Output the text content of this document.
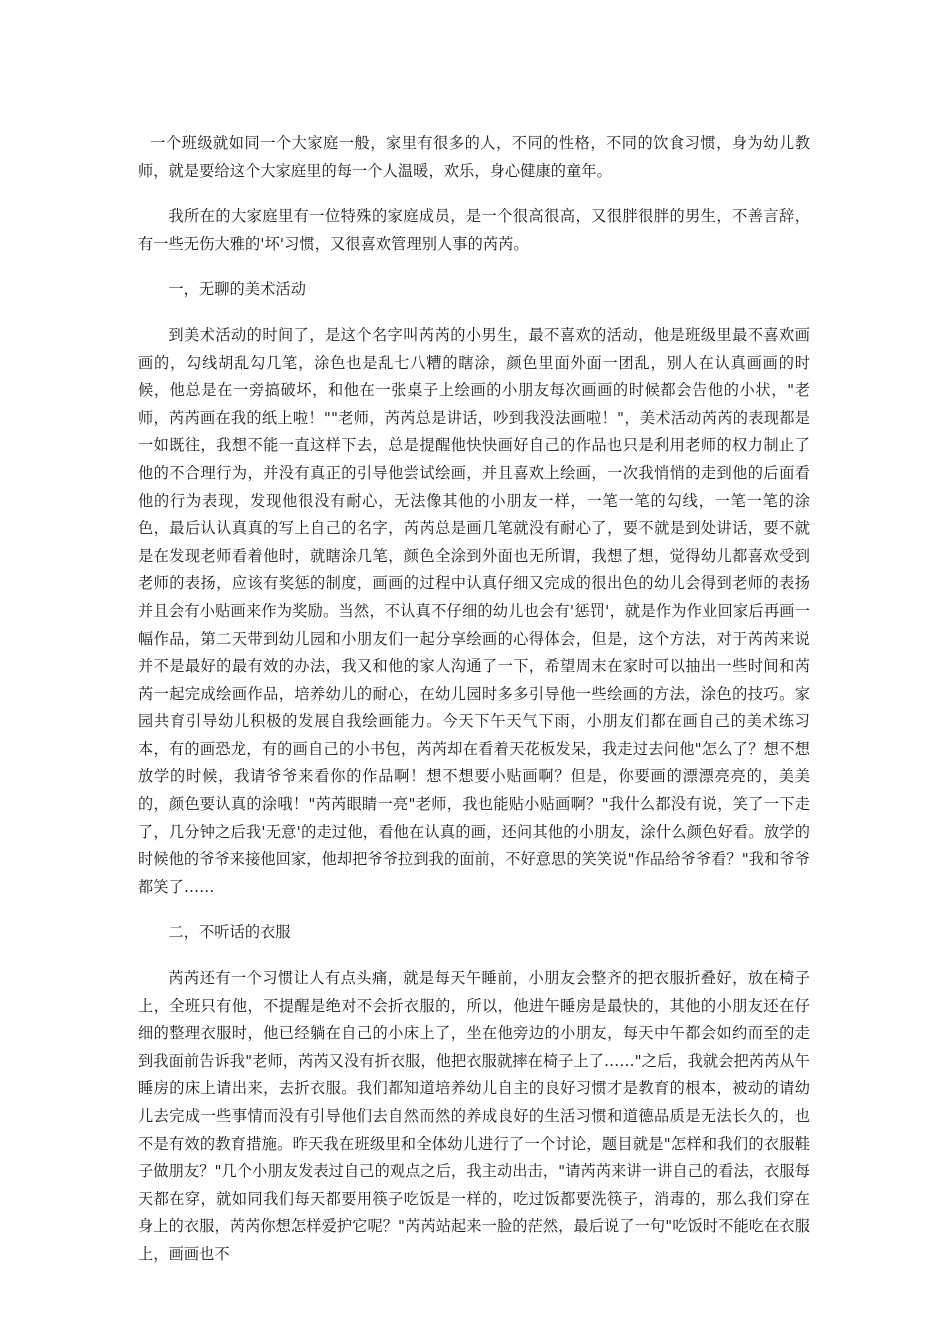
一个班级就如同一个大家庭一般，家里有很多的人，不同的性格，不同的饮食习惯，身为幼儿教师，就是要给这个大家庭里的每一个人温暖，欢乐，身心健康的童年。

我所在的大家庭里有一位特殊的家庭成员，是一个很高很高，又很胖很胖的男生，不善言辞，有一些无伤大雅的'坏'习惯，又很喜欢管理别人事的芮芮。

一，无聊的美术活动

到美术活动的时间了，是这个名字叫芮芮的小男生，最不喜欢的活动，他是班级里最不喜欢画画的，勾线胡乱勾几笔，涂色也是乱七八糟的瞎涂，颜色里面外面一团乱，别人在认真画画的时候，他总是在一旁搞破坏，和他在一张桌子上绘画的小朋友每次画画的时候都会告他的小状，"老师，芮芮画在我的纸上啦！""老师，芮芮总是讲话，吵到我没法画啦！"，美术活动芮芮的表现都是一如既往，我想不能一直这样下去，总是提醒他快快画好自己的作品也只是利用老师的权力制止了他的不合理行为，并没有真正的引导他尝试绘画，并且喜欢上绘画，一次我悄悄的走到他的后面看他的行为表现，发现他很没有耐心，无法像其他的小朋友一样，一笔一笔的勾线，一笔一笔的涂色，最后认认真真的写上自己的名字，芮芮总是画几笔就没有耐心了，要不就是到处讲话，要不就是在发现老师看着他时，就瞎涂几笔，颜色全涂到外面也无所谓，我想了想，觉得幼儿都喜欢受到老师的表扬，应该有奖惩的制度，画画的过程中认真仔细又完成的很出色的幼儿会得到老师的表扬并且会有小贴画来作为奖励。当然，不认真不仔细的幼儿也会有'惩罚'，就是作为作业回家后再画一幅作品，第二天带到幼儿园和小朋友们一起分享绘画的心得体会，但是，这个方法，对于芮芮来说并不是最好的最有效的办法，我又和他的家人沟通了一下，希望周末在家时可以抽出一些时间和芮芮一起完成绘画作品，培养幼儿的耐心，在幼儿园时多多引导他一些绘画的方法，涂色的技巧。家园共育引导幼儿积极的发展自我绘画能力。今天下午天气下雨，小朋友们都在画自己的美术练习本，有的画恐龙，有的画自己的小书包，芮芮却在看着天花板发呆，我走过去问他"怎么了？想不想放学的时候，我请爷爷来看你的作品啊！想不想要小贴画啊？但是，你要画的漂漂亮亮的，美美的，颜色要认真的涂哦！"芮芮眼睛一亮"老师，我也能贴小贴画啊？"我什么都没有说，笑了一下走了，几分钟之后我'无意'的走过他，看他在认真的画，还问其他的小朋友，涂什么颜色好看。放学的时候他的爷爷来接他回家，他却把爷爷拉到我的面前，不好意思的笑笑说"作品给爷爷看？"我和爷爷都笑了……

二，不听话的衣服

芮芮还有一个习惯让人有点头痛，就是每天午睡前，小朋友会整齐的把衣服折叠好，放在椅子上，全班只有他，不提醒是绝对不会折衣服的，所以，他进午睡房是最快的，其他的小朋友还在仔细的整理衣服时，他已经躺在自己的小床上了，坐在他旁边的小朋友，每天中午都会如约而至的走到我面前告诉我"老师，芮芮又没有折衣服，他把衣服就摔在椅子上了……"之后，我就会把芮芮从午睡房的床上请出来，去折衣服。我们都知道培养幼儿自主的良好习惯才是教育的根本，被动的请幼儿去完成一些事情而没有引导他们去自然而然的养成良好的生活习惯和道德品质是无法长久的，也不是有效的教育措施。昨天我在班级里和全体幼儿进行了一个讨论，题目就是"怎样和我们的衣服鞋子做朋友？"几个小朋友发表过自己的观点之后，我主动出击，"请芮芮来讲一讲自己的看法，衣服每天都在穿，就如同我们每天都要用筷子吃饭是一样的，吃过饭都要洗筷子，消毒的，那么我们穿在身上的衣服，芮芮你想怎样爱护它呢？"芮芮站起来一脸的茫然，最后说了一句"吃饭时不能吃在衣服上，画画也不
